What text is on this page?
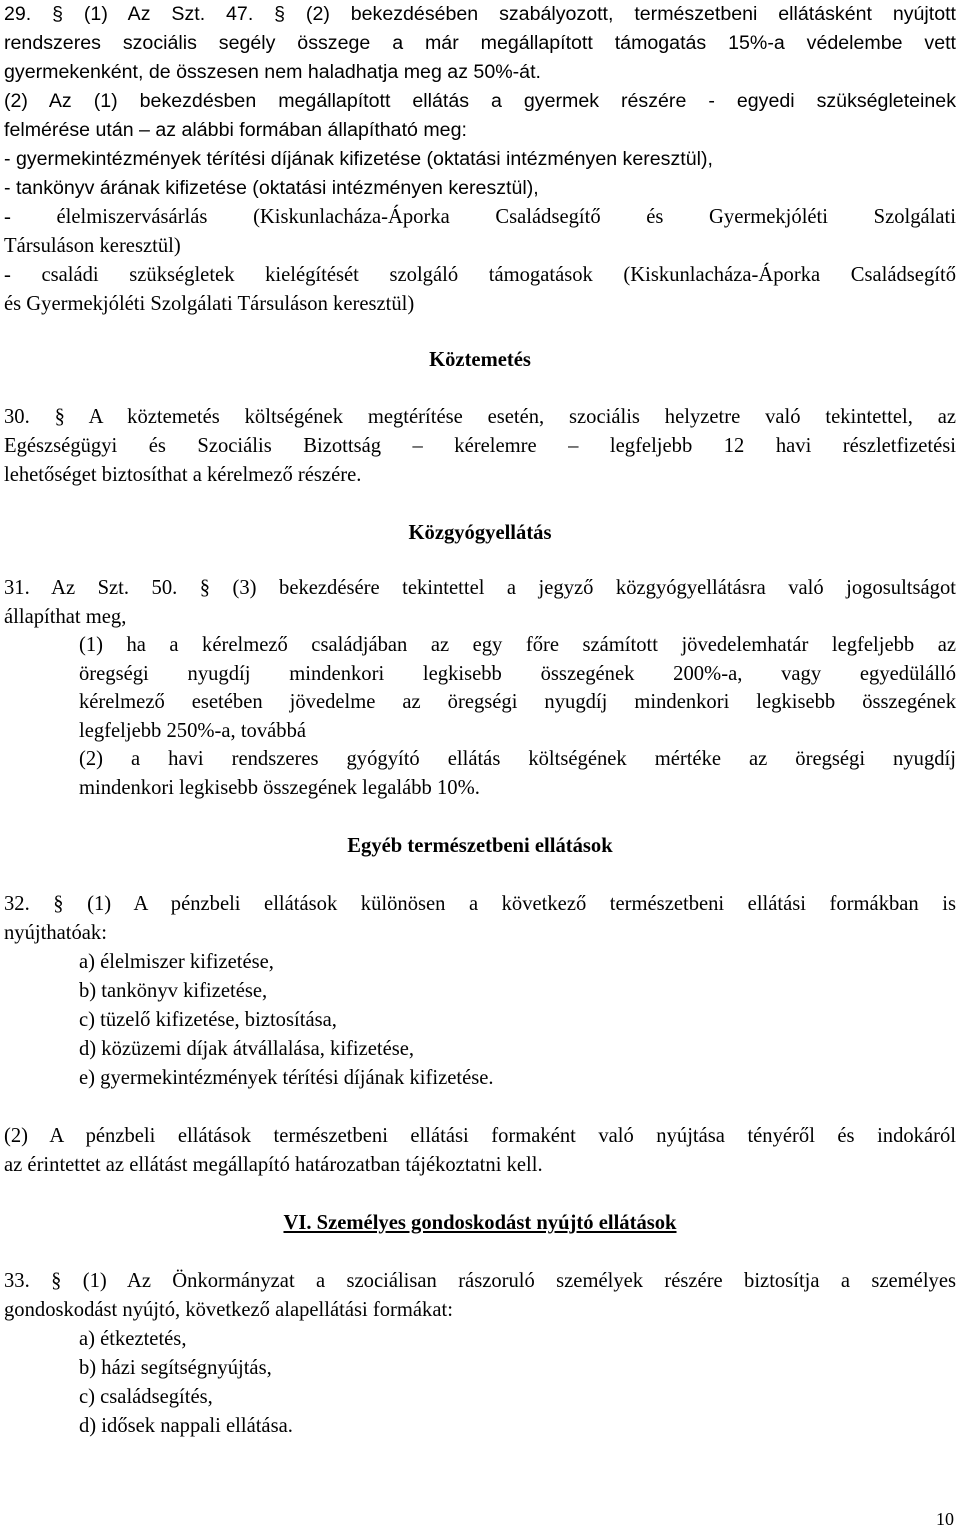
29. § (1) Az Szt. 47. § (2) bekezdésében szabályozott, természetbeni ellátásként nyújtott
rendszeres szociális segély összege a már megállapított támogatás 15%-a védelembe vett
gyermekenként, de összesen nem haladhatja meg az 50%-át.
(2) Az (1) bekezdésben megállapított ellátás a gyermek részére - egyedi szükségleteinek
felmérése után – az alábbi formában állapítható meg:
- gyermekintézmények térítési díjának kifizetése (oktatási intézményen keresztül),
- tankönyv árának kifizetése (oktatási intézményen keresztül),
- élelmiszervásárlás (Kiskunlacháza-Áporka Családsegítő és Gyermekjóléti Szolgálati
Társuláson keresztül)
- családi szükségletek kielégítését szolgáló támogatások (Kiskunlacháza-Áporka Családsegítő
és Gyermekjóléti Szolgálati Társuláson keresztül)
Köztemetés
30. § A köztemetés költségének megtérítése esetén, szociális helyzetre való tekintettel, az
Egészségügyi és Szociális Bizottság – kérelemre – legfeljebb 12 havi részletfizetési
lehetőséget biztosíthat a kérelmező részére.
Közgyógyellátás
31. Az Szt. 50. § (3) bekezdésére tekintettel a jegyző közgyógyellátásra való jogosultságot
állapíthat meg,
(1) ha a kérelmező családjában az egy főre számított jövedelemhatár legfeljebb az
öregségi nyugdíj mindenkori legkisebb összegének 200%-a, vagy egyedülálló
kérelmező esetében jövedelme az öregségi nyugdíj mindenkori legkisebb összegének
legfeljebb 250%-a, továbbá
(2) a havi rendszeres gyógyító ellátás költségének mértéke az öregségi nyugdíj
mindenkori legkisebb összegének legalább 10%.
Egyéb természetbeni ellátások
32. § (1) A pénzbeli ellátások különösen a következő természetbeni ellátási formákban is
nyújthatóak:
a) élelmiszer kifizetése,
b) tankönyv kifizetése,
c) tüzelő kifizetése, biztosítása,
d) közüzemi díjak átvállalása, kifizetése,
e) gyermekintézmények térítési díjának kifizetése.
(2) A pénzbeli ellátások természetbeni ellátási formaként való nyújtása tényéről és indokáról
az érintettet az ellátást megállapító határozatban tájékoztatni kell.
VI. Személyes gondoskodást nyújtó ellátások
33. § (1) Az Önkormányzat a szociálisan rászoruló személyek részére biztosítja a személyes
gondoskodást nyújtó, következő alapellátási formákat:
a) étkeztetés,
b) házi segítségnyújtás,
c) családsegítés,
d) idősek nappali ellátása.
10
